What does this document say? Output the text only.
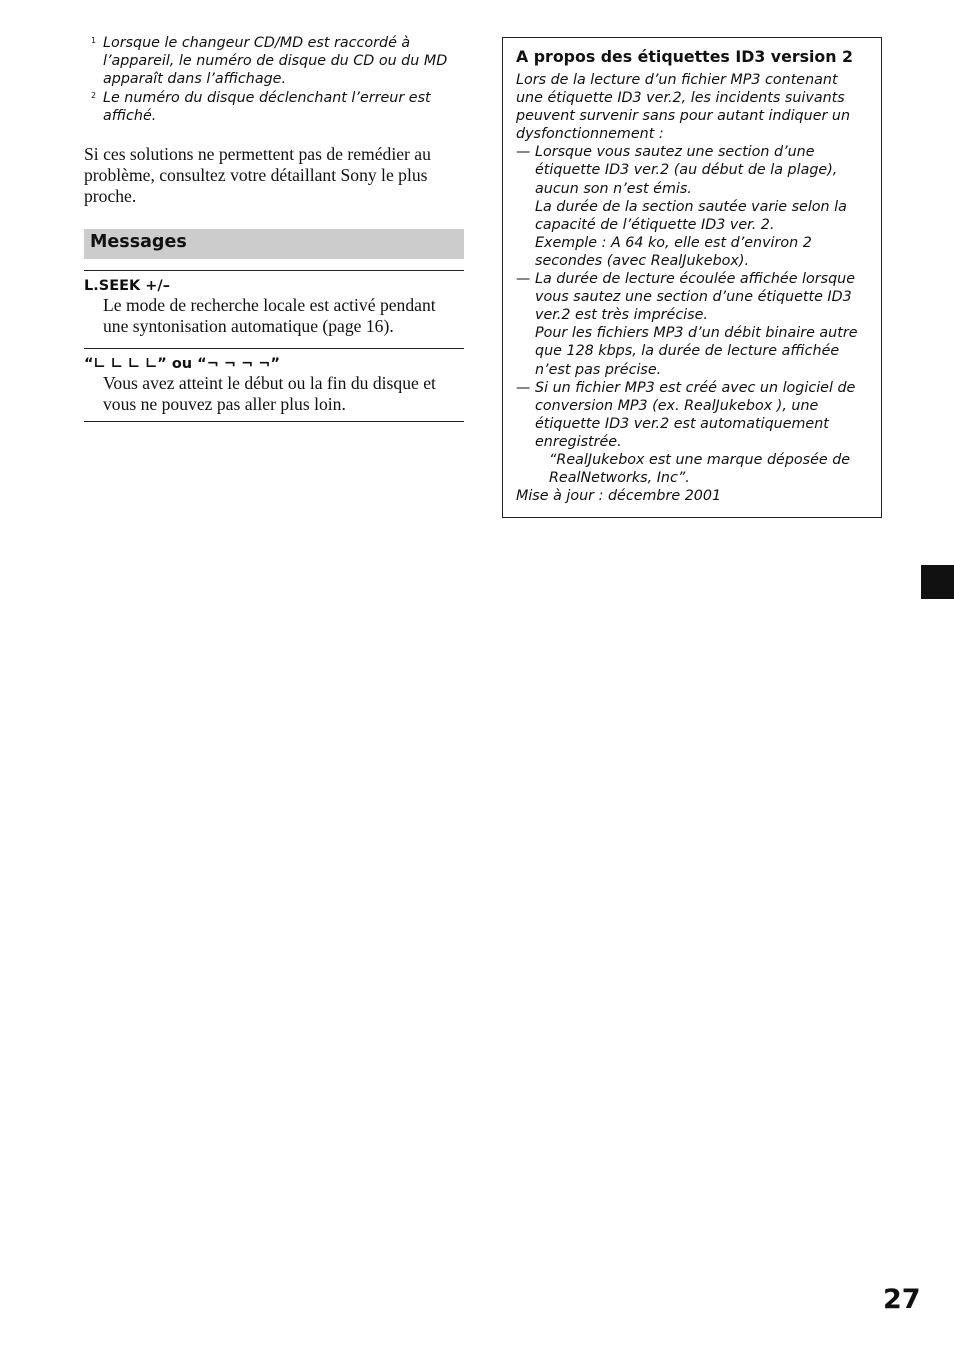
1 Lorsque le changeur CD/MD est raccordé à l’appareil, le numéro de disque du CD ou du MD apparaît dans l’affichage.
2 Le numéro du disque déclenchant l’erreur est affiché.
Si ces solutions ne permettent pas de remédier au problème, consultez votre détaillant Sony le plus proche.
Messages
L.SEEK +/–
Le mode de recherche locale est activé pendant une syntonisation automatique (page 16).
“∟ ∟ ∟ ∟” ou “¬ ¬ ¬ ¬”
Vous avez atteint le début ou la fin du disque et vous ne pouvez pas aller plus loin.
A propos des étiquettes ID3 version 2
Lors de la lecture d’un fichier MP3 contenant une étiquette ID3 ver.2, les incidents suivants peuvent survenir sans pour autant indiquer un dysfonctionnement :
— Lorsque vous sautez une section d’une étiquette ID3 ver.2 (au début de la plage), aucun son n’est émis.
La durée de la section sautée varie selon la capacité de l’étiquette ID3 ver. 2.
Exemple : A 64 ko, elle est d’environ 2 secondes (avec RealJukebox).
— La durée de lecture écoulée affichée lorsque vous sautez une section d’une étiquette ID3 ver.2 est très imprécise.
Pour les fichiers MP3 d’un débit binaire autre que 128 kbps, la durée de lecture affichée n’est pas précise.
— Si un fichier MP3 est créé avec un logiciel de conversion MP3 (ex. RealJukebox ), une étiquette ID3 ver.2 est automatiquement enregistrée.
“RealJukebox est une marque déposée de RealNetworks, Inc”.
Mise à jour : décembre 2001
27
